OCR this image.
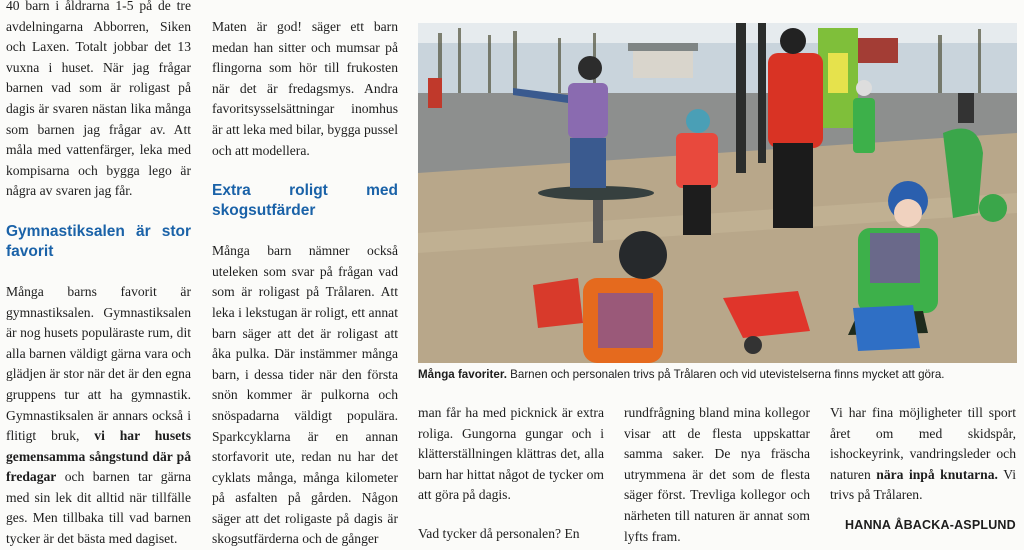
40 barn i åldrarna 1-5 på de tre avdelningarna Abborren, Siken och Laxen. Totalt jobbar det 13 vuxna i huset. När jag frågar barnen vad som är roligast på dagis är svaren nästan lika många som barnen jag frågar av. Att måla med vattenfärger, leka med kompisarna och bygga lego är några av svaren jag får.

Gymnastiksalen är stor favorit

Många barns favorit är gymnastiksalen. Gymnastiksalen är nog husets populäraste rum, dit alla barnen väldigt gärna vara och glädjen är stor när det är den egna gruppens tur att ha gymnastik. Gymnastiksalen är annars också i flitigt bruk, vi har husets gemensamma sångstund där på fredagar och barnen tar gärna med sin lek dit alltid när tillfälle ges. Men tillbaka till vad barnen tycker är det bästa med dagiset.

Maten är god! säger ett barn medan han sitter och mumsar på flingorna som hör till frukosten när det är fredagsmys. Andra favoritsysselsättningar inomhus är att leka med bilar, bygga pussel och att modellera.

Extra roligt med skogsutfärder

Många barn nämner också uteleken som svar på frågan vad som är roligast på Trålaren. Att leka i lekstugan är roligt, ett annat barn säger att det är roligast att åka pulka. Där instämmer många barn, i dessa tider när den första snön kommer är pulkorna och snöspadarna väldigt populära. Sparkcyklarna är en annan storfavorit ute, redan nu har det cyklats många, många kilometer på asfalten på gården. Någon säger att det roligaste på dagis är skogsutfärderna och de gånger

Många favoriter. Barnen och personalen trivs på Trålaren och vid utevistelserna finns mycket att göra.

man får ha med picknick är extra roliga. Gungorna gungar och i klätterställningen klättras det, alla barn har hittat något de tycker om att göra på dagis.

Vad tycker då personalen? En

rundfrågning bland mina kollegor visar att de flesta uppskattar samma saker. De nya fräscha utrymmena är det som de flesta säger först. Trevliga kollegor och närheten till naturen är annat som lyfts fram.

Vi har fina möjligheter till sport året om med skidspår, ishockeyrink, vandringsleder och naturen nära inpå knutarna. Vi trivs på Trålaren.

HANNA ÅBACKA-ASPLUND
